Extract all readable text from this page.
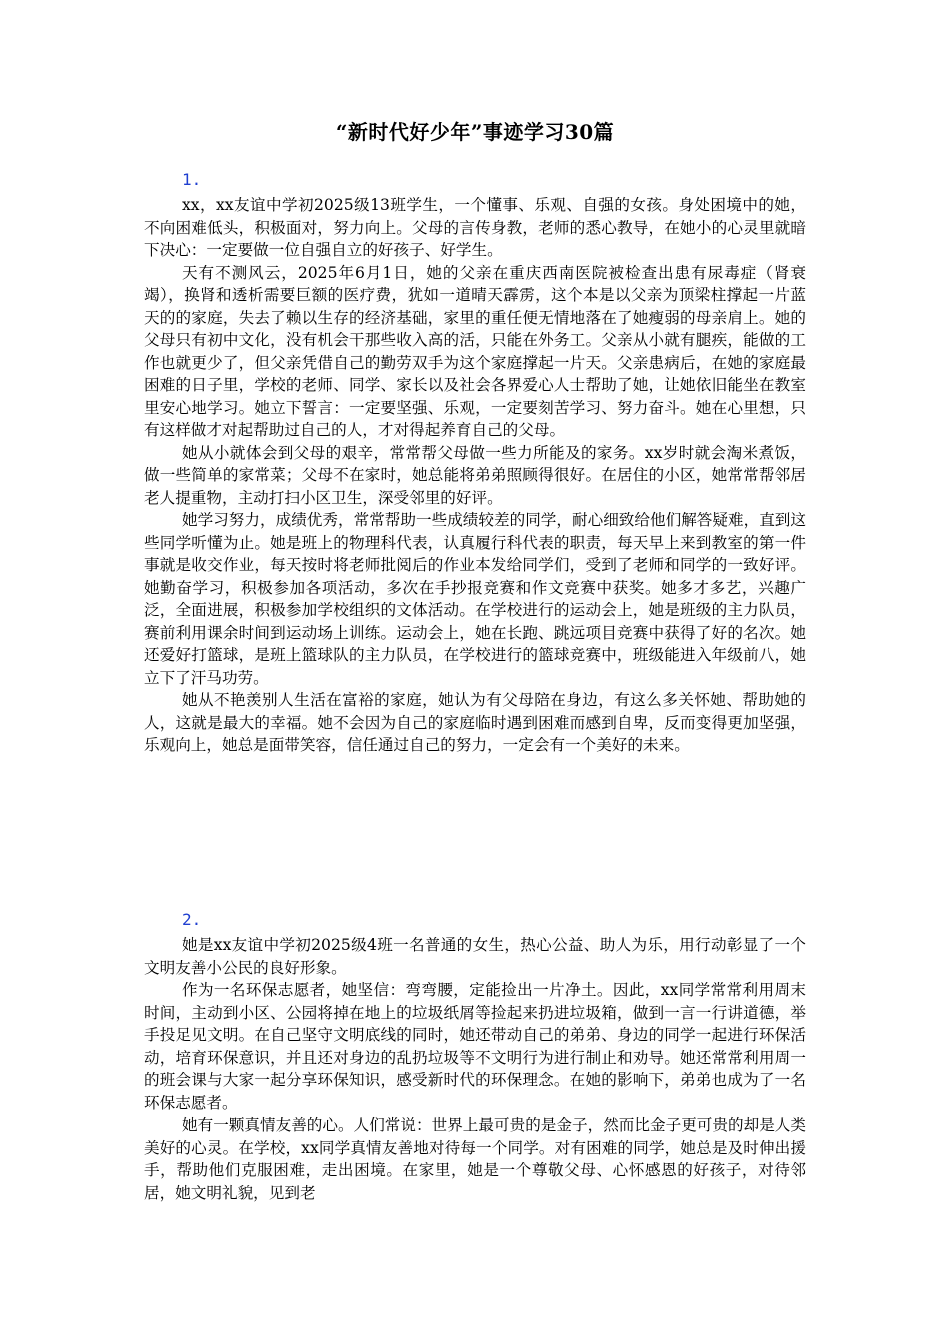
“新时代好少年”事迹学习30篇
1.

xx，xx友谊中学初2025级13班学生，一个懂事、乐观、自强的女孩。身处困境中的她，不向困难低头，积极面对，努力向上。父母的言传身教，老师的悉心教导，在她小的心灵里就暗下决心：一定要做一位自强自立的好孩子、好学生。

天有不测风云，2025年6月1日，她的父亲在重庆西南医院被检查出患有尿毒症（肾衰竭），换肾和透析需要巨额的医疗费，犹如一道晴天霹雳，这个本是以父亲为顶梁柱撑起一片蓝天的的家庭，失去了赖以生存的经济基础，家里的重任便无情地落在了她瘦弱的母亲肩上。她的父母只有初中文化，没有机会干那些收入高的活，只能在外务工。父亲从小就有腿疾，能做的工作也就更少了，但父亲凭借自己的勤劳双手为这个家庭撑起一片天。父亲患病后，在她的家庭最困难的日子里，学校的老师、同学、家长以及社会各界爱心人士帮助了她，让她依旧能坐在教室里安心地学习。她立下誓言：一定要坚强、乐观，一定要刻苦学习、努力奋斗。她在心里想，只有这样做才对起帮助过自己的人，才对得起养育自己的父母。

她从小就体会到父母的艰辛，常常帮父母做一些力所能及的家务。xx岁时就会淘米煮饭，做一些简单的家常菜；父母不在家时，她总能将弟弟照顾得很好。在居住的小区，她常常帮邻居老人提重物，主动打扫小区卫生，深受邻里的好评。

她学习努力，成绩优秀，常常帮助一些成绩较差的同学，耐心细致给他们解答疑难，直到这些同学听懂为止。她是班上的物理科代表，认真履行科代表的职责，每天早上来到教室的第一件事就是收交作业，每天按时将老师批阅后的作业本发给同学们，受到了老师和同学的一致好评。她勤奋学习，积极参加各项活动，多次在手抄报竞赛和作文竞赛中获奖。她多才多艺，兴趣广泛，全面进展，积极参加学校组织的文体活动。在学校进行的运动会上，她是班级的主力队员，赛前利用课余时间到运动场上训练。运动会上，她在长跑、跳远项目竞赛中获得了好的名次。她还爱好打篮球，是班上篮球队的主力队员，在学校进行的篮球竞赛中，班级能进入年级前八，她立下了汗马功劳。

她从不艳羡别人生活在富裕的家庭，她认为有父母陪在身边，有这么多关怀她、帮助她的人，这就是最大的幸福。她不会因为自己的家庭临时遇到困难而感到自卑，反而变得更加坚强，乐观向上，她总是面带笑容，信任通过自己的努力，一定会有一个美好的未来。

2.

她是xx友谊中学初2025级4班一名普通的女生，热心公益、助人为乐，用行动彰显了一个文明友善小公民的良好形象。

作为一名环保志愿者，她坚信：弯弯腰，定能捡出一片净土。因此，xx同学常常利用周末时间，主动到小区、公园将掉在地上的垃圾纸屑等捡起来扔进垃圾箱，做到一言一行讲道德，举手投足见文明。在自己坚守文明底线的同时，她还带动自己的弟弟、身边的同学一起进行环保活动，培育环保意识，并且还对身边的乱扔垃圾等不文明行为进行制止和劝导。她还常常利用周一的班会课与大家一起分享环保知识，感受新时代的环保理念。在她的影响下，弟弟也成为了一名环保志愿者。

她有一颗真情友善的心。人们常说：世界上最可贵的是金子，然而比金子更可贵的却是人类美好的心灵。在学校，xx同学真情友善地对待每一个同学。对有困难的同学，她总是及时伸出援手，帮助他们克服困难，走出困境。在家里，她是一个尊敬父母、心怀感恩的好孩子，对待邻居，她文明礼貌，见到老
